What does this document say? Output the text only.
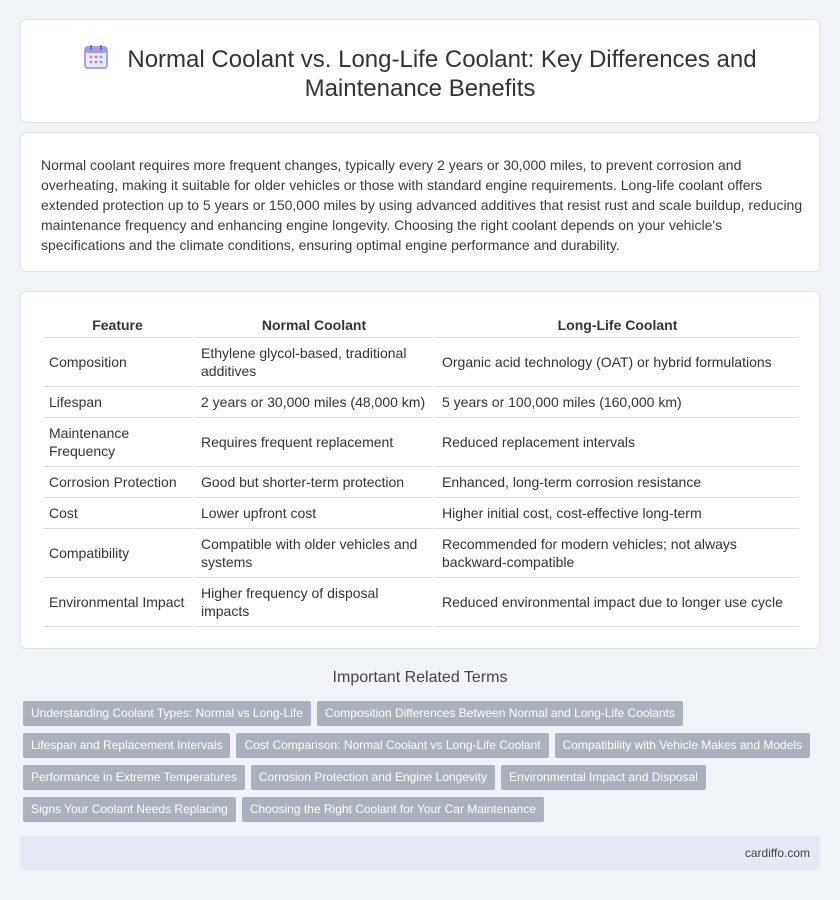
Normal Coolant vs. Long-Life Coolant: Key Differences and Maintenance Benefits

Normal coolant requires more frequent changes, typically every 2 years or 30,000 miles, to prevent corrosion and overheating, making it suitable for older vehicles or those with standard engine requirements. Long-life coolant offers extended protection up to 5 years or 150,000 miles by using advanced additives that resist rust and scale buildup, reducing maintenance frequency and enhancing engine longevity. Choosing the right coolant depends on your vehicle's specifications and the climate conditions, ensuring optimal engine performance and durability.

Feature	Normal Coolant	Long-Life Coolant
Composition	Ethylene glycol-based, traditional additives	Organic acid technology (OAT) or hybrid formulations
Lifespan	2 years or 30,000 miles (48,000 km)	5 years or 100,000 miles (160,000 km)
Maintenance Frequency	Requires frequent replacement	Reduced replacement intervals
Corrosion Protection	Good but shorter-term protection	Enhanced, long-term corrosion resistance
Cost	Lower upfront cost	Higher initial cost, cost-effective long-term
Compatibility	Compatible with older vehicles and systems	Recommended for modern vehicles; not always backward-compatible
Environmental Impact	Higher frequency of disposal impacts	Reduced environmental impact due to longer use cycle
Important Related Terms
Understanding Coolant Types: Normal vs Long-Life Composition Differences Between Normal and Long-Life Coolants
Lifespan and Replacement Intervals Cost Comparison: Normal Coolant vs Long-Life Coolant Compatibility with Vehicle Makes and Models
Performance in Extreme Temperatures Corrosion Protection and Engine Longevity Environmental Impact and Disposal
Signs Your Coolant Needs Replacing Choosing the Right Coolant for Your Car Maintenance
cardiffo.com
